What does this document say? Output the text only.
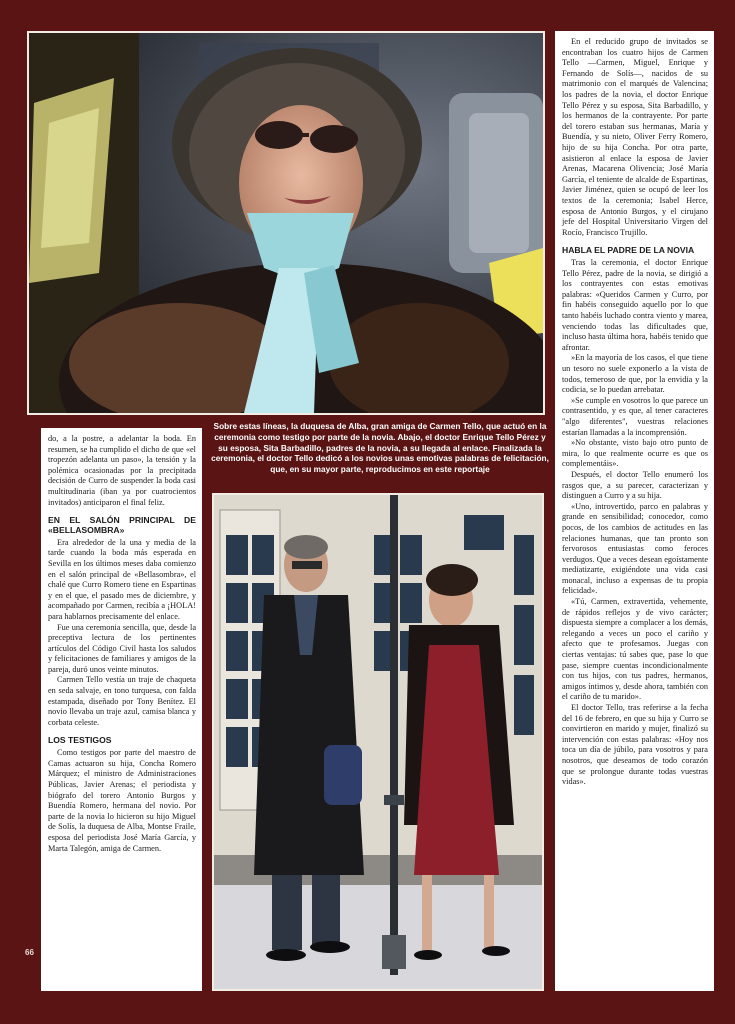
Sobre estas líneas, la duquesa de Alba, gran amiga de Carmen Tello, que actuó en la ceremonia como testigo por parte de la novia. Abajo, el doctor Enrique Tello Pérez y su esposa, Sita Barbadillo, padres de la novia, a su llegada al enlace. Finalizada la ceremonia, el doctor Tello dedicó a los novios unas emotivas palabras de felicitación, que, en su mayor parte, reproducimos en este reportaje

do, a la postre, a adelantar la boda. En resumen, se ha cumplido el dicho de que «el tropezón adelanta un paso», la tensión y la polémica ocasionadas por la precipitada decisión de Curro de suspender la boda casi multitudinaria (iban ya por cuatrocientos invitados) anticiparon el final feliz.

EN EL SALÓN PRINCIPAL DE «BELLASOMBRA»

Era alrededor de la una y media de la tarde cuando la boda más esperada en Sevilla en los últimos meses daba comienzo en el salón principal de «Bellasombra», el chalé que Curro Romero tiene en Espartinas y en el que, el pasado mes de diciembre, y acompañado por Carmen, recibía a ¡HOLA! para hablarnos precisamente del enlace.

Fue una ceremonia sencilla, que, desde la preceptiva lectura de los pertinentes artículos del Código Civil hasta los saludos y felicitaciones de familiares y amigos de la pareja, duró unos veinte minutos.

Carmen Tello vestía un traje de chaqueta en seda salvaje, en tono turquesa, con falda estampada, diseñado por Tony Benítez. El novio llevaba un traje azul, camisa blanca y corbata celeste.

LOS TESTIGOS

Como testigos por parte del maestro de Camas actuaron su hija, Concha Romero Márquez; el ministro de Administraciones Públicas, Javier Arenas; el periodista y biógrafo del torero Antonio Burgos y Buendía Romero, hermana del novio. Por parte de la novia lo hicieron su hijo Miguel de Solís, la duquesa de Alba, Montse Fraile, esposa del periodista José María García, y Marta Talegón, amiga de Carmen.

En el reducido grupo de invitados se encontraban los cuatro hijos de Carmen Tello —Carmen, Miguel, Enrique y Fernando de Solís—, nacidos de su matrimonio con el marqués de Valencina; los padres de la novia, el doctor Enrique Tello Pérez y su esposa, Sita Barbadillo, y los hermanos de la contrayente. Por parte del torero estaban sus hermanas, María y Buendía, y su nieto, Oliver Ferry Romero, hijo de su hija Concha. Por otra parte, asistieron al enlace la esposa de Javier Arenas, Macarena Olivencia; José María García, el teniente de alcalde de Espartinas, Javier Jiménez, quien se ocupó de leer los textos de la ceremonia; Isabel Herce, esposa de Antonio Burgos, y el cirujano jefe del Hospital Universitario Virgen del Rocío, Francisco Trujillo.

HABLA EL PADRE DE LA NOVIA

Tras la ceremonia, el doctor Enrique Tello Pérez, padre de la novia, se dirigió a los contrayentes con estas emotivas palabras: «Queridos Carmen y Curro, por fin habéis conseguido aquello por lo que tanto habéis luchado contra viento y marea, venciendo todas las dificultades que, incluso hasta última hora, habéis tenido que afrontar.

»En la mayoría de los casos, el que tiene un tesoro no suele exponerlo a la vista de todos, temeroso de que, por la envidia y la codicia, se lo puedan arrebatar.

»Se cumple en vosotros lo que parece un contrasentido, y es que, al tener caracteres "algo diferentes", vuestras relaciones estarían llamadas a la incomprensión.

»No obstante, visto bajo otro punto de mira, lo que realmente ocurre es que os complementáis».

Después, el doctor Tello enumeró los rasgos que, a su parecer, caracterizan y distinguen a Curro y a su hija.

«Uno, introvertido, parco en palabras y grande en sensibilidad; conocedor, como pocos, de los cambios de actitudes en las relaciones humanas, que tan pronto son fervorosos entusiastas como feroces verdugos. Que a veces desean egoístamente mediatizarte, exigiéndote una vida casi monacal, incluso a expensas de tu propia felicidad».

«Tú, Carmen, extravertida, vehemente, de rápidos reflejos y de vivo carácter; dispuesta siempre a complacer a los demás, relegando a veces un poco el cariño y afecto que te profesamos. Juegas con ciertas ventajas: tú sabes que, pase lo que pase, siempre cuentas incondicionalmente con tus hijos, con tus padres, hermanos, amigos íntimos y, desde ahora, también con el cariño de tu marido».

El doctor Tello, tras referirse a la fecha del 16 de febrero, en que su hija y Curro se convirtieron en marido y mujer, finalizó su intervención con estas palabras: «Hoy nos toca un día de júbilo, para vosotros y para nosotros, que deseamos de todo corazón que se prolongue durante todas vuestras vidas».

66
